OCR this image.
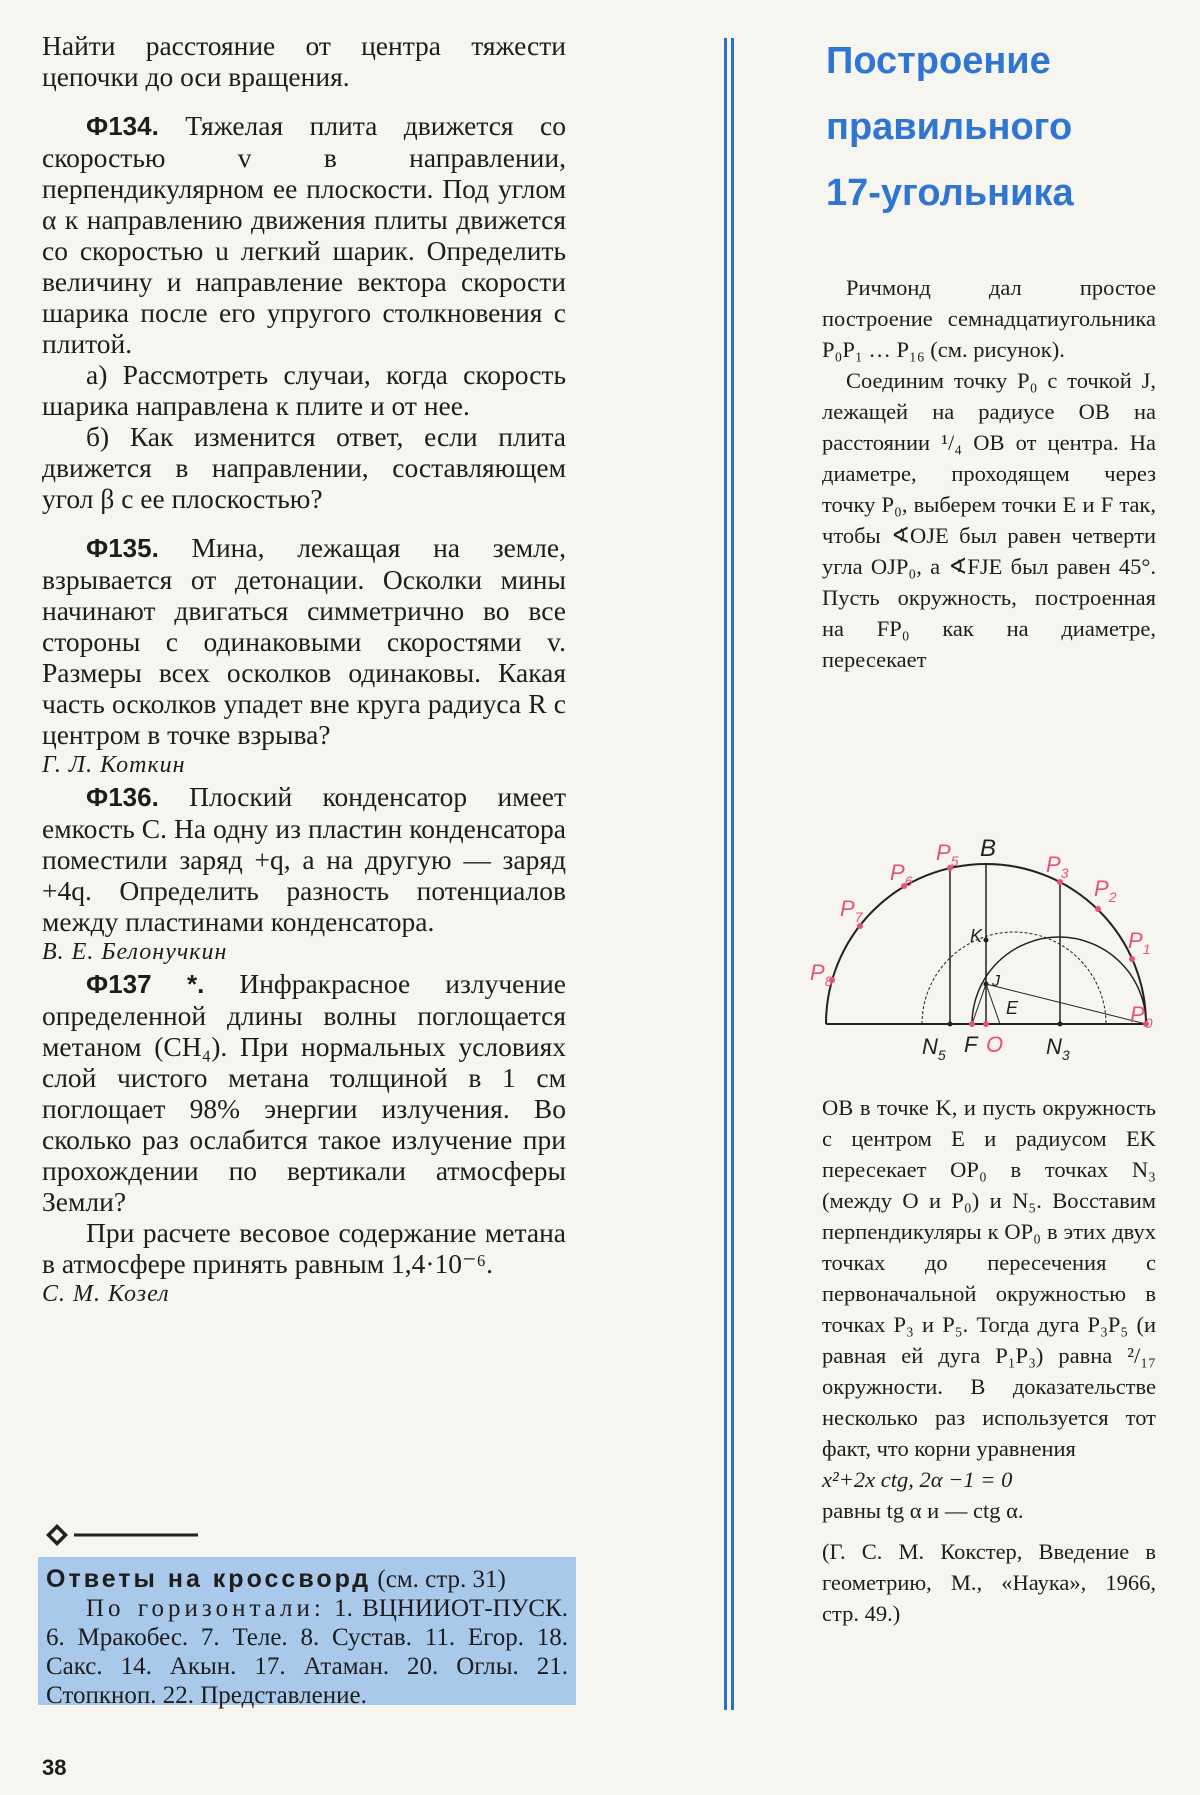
Найти расстояние от центра тяжести цепочки до оси вращения.

Ф134. Тяжелая плита движется со скоростью v в направлении, перпендикулярном ее плоскости. Под углом α к направлению движения плиты движется со скоростью u легкий шарик. Определить величину и направление вектора скорости шарика после его упругого столкновения с плитой.

а) Рассмотреть случаи, когда скорость шарика направлена к плите и от нее.

б) Как изменится ответ, если плита движется в направлении, составляющем угол β с ее плоскостью?

Ф135. Мина, лежащая на земле, взрывается от детонации. Осколки мины начинают двигаться симметрично во все стороны с одинаковыми скоростями v. Размеры всех осколков одинаковы. Какая часть осколков упадет вне круга радиуса R с центром в точке взрыва?

Г. Л. Коткин

Ф136. Плоский конденсатор имеет емкость C. На одну из пластин конденсатора поместили заряд +q, а на другую — заряд +4q. Определить разность потенциалов между пластинами конденсатора.

В. Е. Белонучкин

Ф137 *. Инфракрасное излучение определенной длины волны поглощается метаном (CH₄). При нормальных условиях слой чистого метана толщиной в 1 см поглощает 98% энергии излучения. Во сколько раз ослабится такое излучение при прохождении по вертикали атмосферы Земли?

При расчете весовое содержание метана в атмосфере принять равным 1,4·10⁻⁶.

С. М. Козел

Ответы на кроссворд (см. стр. 31)

По горизонтали: 1. ВЦНИИОТ-ПУСК. 6. Мракобес. 7. Теле. 8. Сустав. 11. Егор. 18. Сакс. 14. Акын. 17. Атаман. 20. Оглы. 21. Стопкноп. 22. Представление.

38
Построение
правильного
17-угольника

Ричмонд дал простое построение семнадцатиугольника P₀P₁ … P₁₆ (см. рисунок).

Соединим точку P₀ с точкой J, лежащей на радиусе OB на расстоянии ¹/₄ OB от центра. На диаметре, проходящем через точку P₀, выберем точки E и F так, чтобы ∢OJE был равен четверти угла OJP₀, а ∢FJE был равен 45°. Пусть окружность, построенная на FP₀ как на диаметре, пересекает

B
K
J
E
F O
$N_5$	$N_3$
$P_0$
$P_1$
$P_2$
$P_3$
$P_5$
$P_6$
$P_7$
$P_8$

OB в точке K, и пусть окружность с центром E и радиусом EK пересекает OP₀ в точках N₃ (между O и P₀) и N₅. Восставим перпендикуляры к OP₀ в этих двух точках до пересечения с первоначальной окружностью в точках P₃ и P₅. Тогда дуга P₃P₅ (и равная ей дуга P₁P₃) равна ²/₁₇ окружности. В доказательстве несколько раз используется тот факт, что корни уравнения

x²+2x ctg, 2α −1 = 0

равны tg α и — ctg α.

(Г. С. М. Кокстер, Введение в геометрию, М., «Наука», 1966, стр. 49.)
